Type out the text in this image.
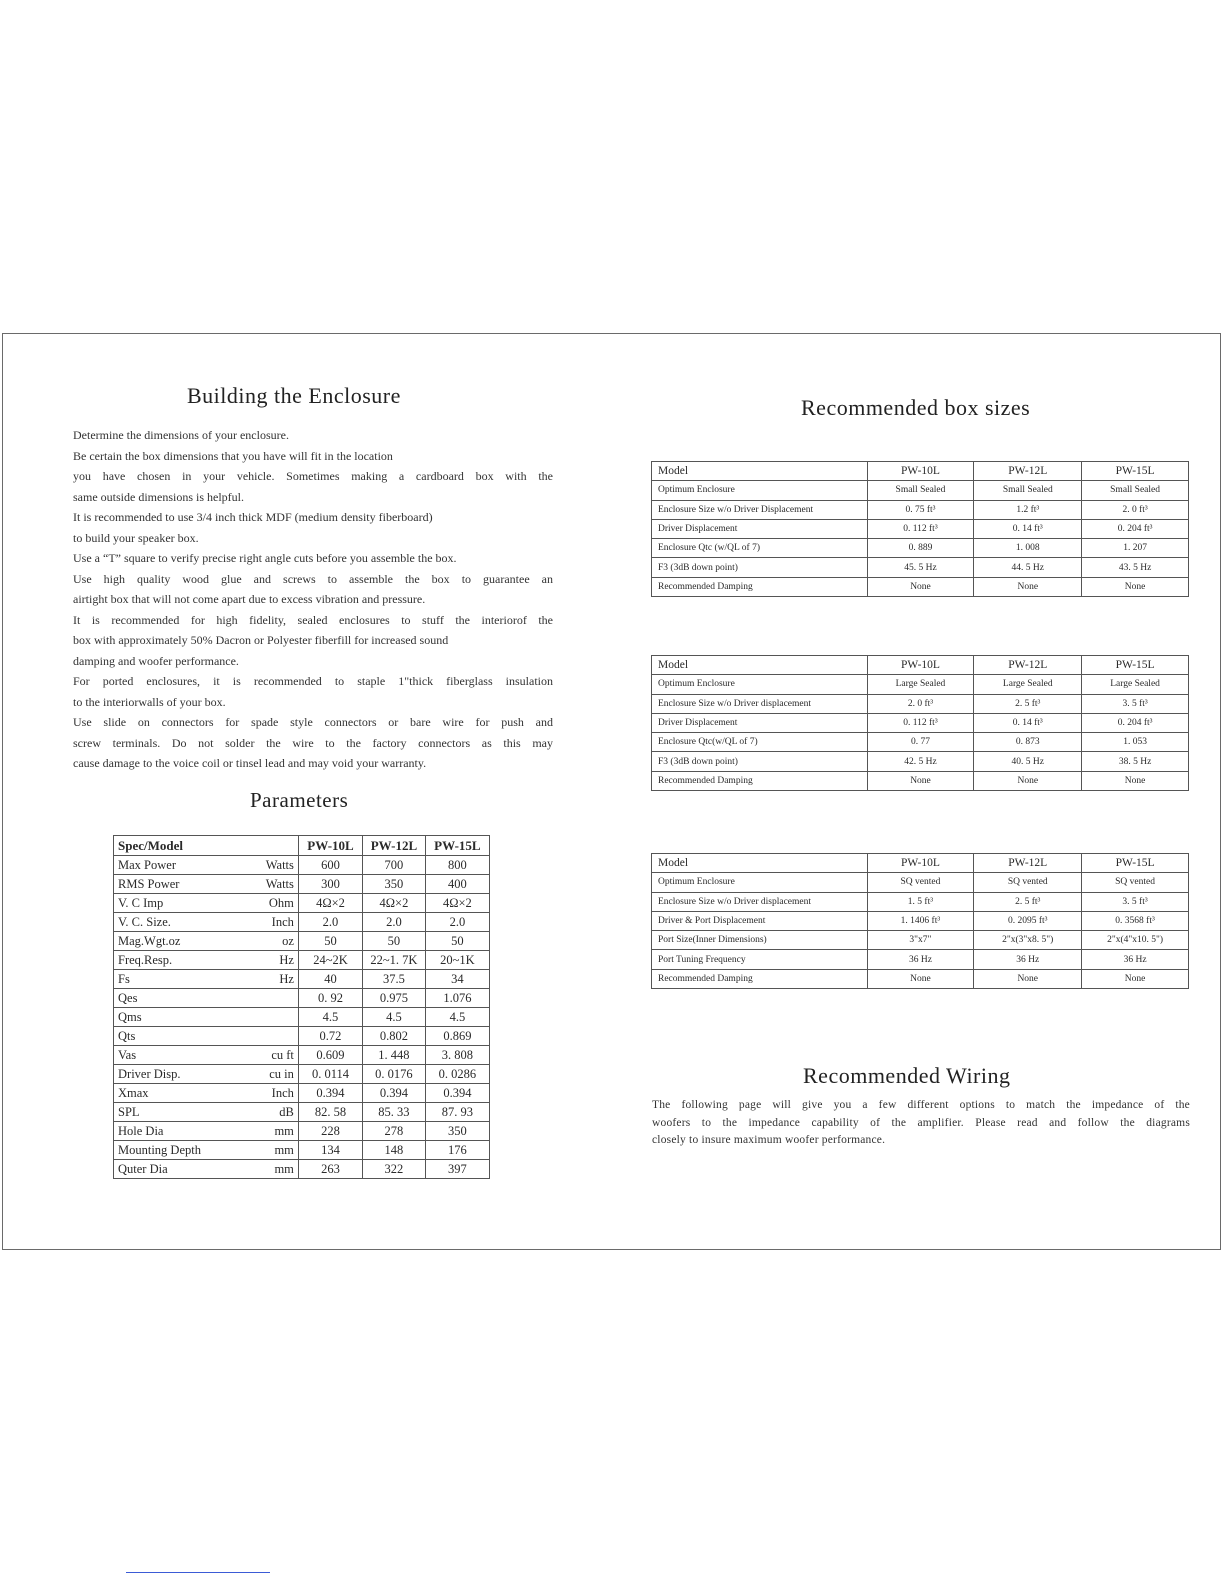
Building the Enclosure

Determine the dimensions of your enclosure.

Be certain the box dimensions that you have will fit in the location

you have chosen in your vehicle. Sometimes making a cardboard box with the

same outside dimensions is helpful.

It is recommended to use 3/4 inch thick MDF (medium density fiberboard)

to build your speaker box.

Use a “T” square to verify precise right angle cuts before you assemble the box.

Use high quality wood glue and screws to assemble the box to guarantee an

airtight box that will not come apart due to excess vibration and pressure.

It is recommended for high fidelity, sealed enclosures to stuff the interiorof the

box with approximately 50% Dacron or Polyester fiberfill for increased sound

damping and woofer performance.

For ported enclosures, it is recommended to staple 1"thick fiberglass insulation

to the interiorwalls of your box.

Use slide on connectors for spade style connectors or bare wire for push and

screw terminals. Do not solder the wire to the factory connectors as this may

cause damage to the voice coil or tinsel lead and may void your warranty.

Parameters
Spec/Model		PW-10L	PW-12L	PW-15L
Max Power	Watts	600	700	800
RMS Power	Watts	300	350	400
V. C Imp	Ohm	4Ω×2	4Ω×2	4Ω×2
V. C. Size.	Inch	2.0	2.0	2.0
Mag.Wgt.oz	oz	50	50	50
Freq.Resp.	Hz	24~2K	22~1. 7K	20~1K
Fs	Hz	40	37.5	34
Qes		0. 92	0.975	1.076
Qms		4.5	4.5	4.5
Qts		0.72	0.802	0.869
Vas	cu ft	0.609	1. 448	3. 808
Driver Disp.	cu in	0. 0114	0. 0176	0. 0286
Xmax	Inch	0.394	0.394	0.394
SPL	dB	82. 58	85. 33	87. 93
Hole Dia	mm	228	278	350
Mounting Depth	mm	134	148	176
Quter Dia	mm	263	322	397
Recommended box sizes
Model	PW-10L	PW-12L	PW-15L
Optimum Enclosure	Small Sealed	Small Sealed	Small Sealed
Enclosure Size w/o Driver Displacement	0. 75 ft³	1.2 ft³	2. 0 ft³
Driver Displacement	0. 112 ft³	0. 14 ft³	0. 204 ft³
Enclosure Qtc (w/QL of 7)	0. 889	1. 008	1. 207
F3 (3dB down point)	45. 5 Hz	44. 5 Hz	43. 5 Hz
Recommended Damping	None	None	None
Model	PW-10L	PW-12L	PW-15L
Optimum Enclosure	Large Sealed	Large Sealed	Large Sealed
Enclosure Size w/o Driver displacement	2. 0 ft³	2. 5 ft³	3. 5 ft³
Driver Displacement	0. 112 ft³	0. 14 ft³	0. 204 ft³
Enclosure Qtc(w/QL of 7)	0. 77	0. 873	1. 053
F3 (3dB down point)	42. 5 Hz	40. 5 Hz	38. 5 Hz
Recommended Damping	None	None	None
Model	PW-10L	PW-12L	PW-15L
Optimum Enclosure	SQ vented	SQ vented	SQ vented
Enclosure Size w/o Driver displacement	1. 5 ft³	2. 5 ft³	3. 5 ft³
Driver & Port Displacement	1. 1406 ft³	0. 2095 ft³	0. 3568 ft³
Port Size(Inner Dimensions)	3"x7"	2"x(3"x8. 5")	2"x(4"x10. 5")
Port Tuning Frequency	36 Hz	36 Hz	36 Hz
Recommended Damping	None	None	None
Recommended Wiring

The following page will give you a few different options to match the impedance of the

woofers to the impedance capability of the amplifier. Please read and follow the diagrams

closely to insure maximum woofer performance.
